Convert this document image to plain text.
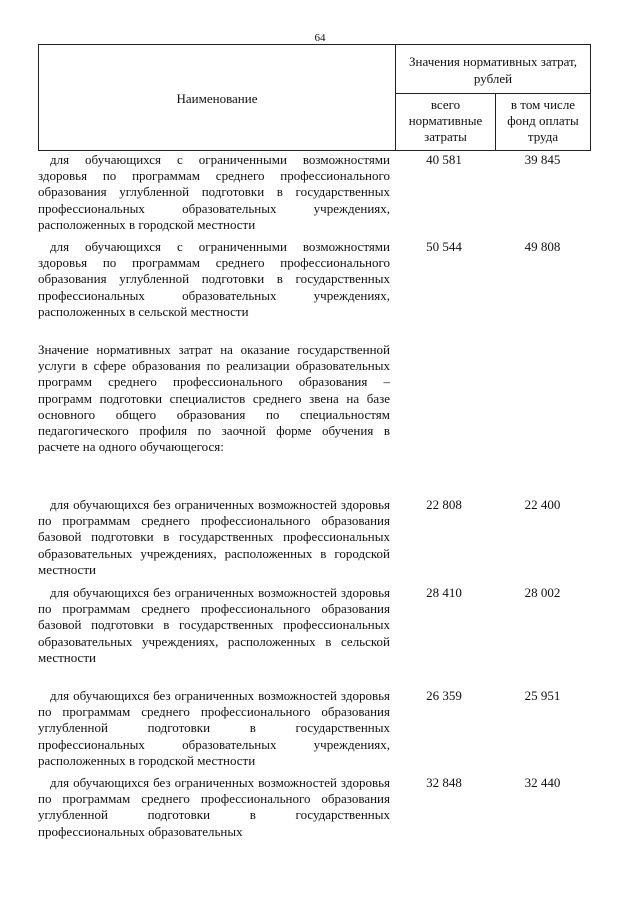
64
Наименование
Значения нормативных затрат, рублей
всего нормативные затраты
в том числе фонд оплаты труда
для обучающихся с ограниченными возможностями здоровья по программам среднего профессионального образования углубленной подготовки в государственных профессиональных образовательных учреждениях, расположенных в городской местности
40 581	39 845
для обучающихся с ограниченными возможностями здоровья по программам среднего профессионального образования углубленной подготовки в государственных профессиональных образовательных учреждениях, расположенных в сельской местности
50 544	49 808
Значение нормативных затрат на оказание государственной услуги в сфере образования по реализации образовательных программ среднего профессионального образования – программ подготовки специалистов среднего звена на базе основного общего образования по специальностям педагогического профиля по заочной форме обучения в расчете на одного обучающегося:
для обучающихся без ограниченных возможностей здоровья по программам среднего профессионального образования базовой подготовки в государственных профессиональных образовательных учреждениях, расположенных в городской местности
22 808	22 400
для обучающихся без ограниченных возможностей здоровья по программам среднего профессионального образования базовой подготовки в государственных профессиональных образовательных учреждениях, расположенных в сельской местности
28 410	28 002
для обучающихся без ограниченных возможностей здоровья по программам среднего профессионального образования углубленной подготовки в государственных профессиональных образовательных учреждениях, расположенных в городской местности
26 359	25 951
для обучающихся без ограниченных возможностей здоровья по программам среднего профессионального образования углубленной подготовки в государственных профессиональных образовательных
32 848	32 440
